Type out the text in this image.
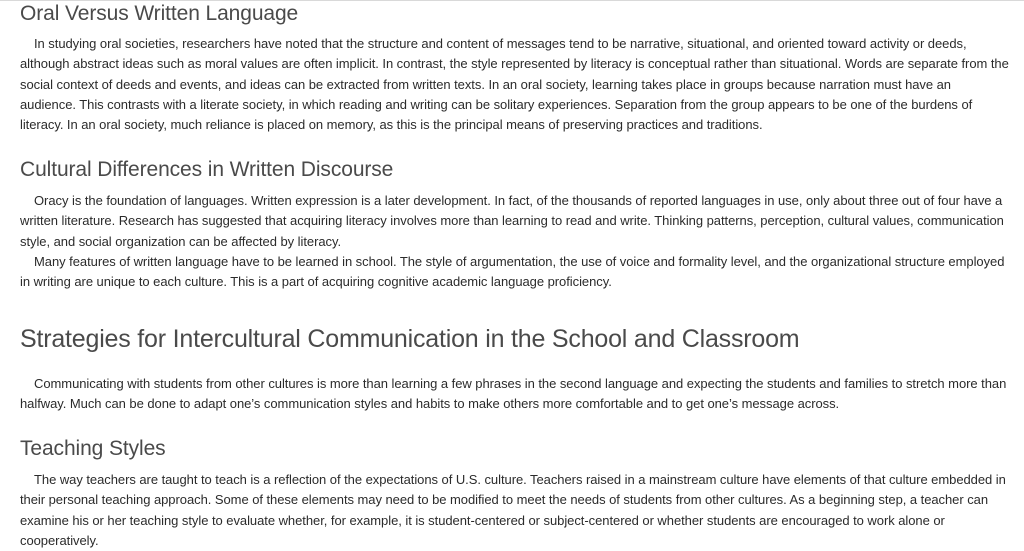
Oral Versus Written Language

In studying oral societies, researchers have noted that the structure and content of messages tend to be narrative, situational, and oriented toward activity or deeds, although abstract ideas such as moral values are often implicit. In contrast, the style represented by literacy is conceptual rather than situational. Words are separate from the social context of deeds and events, and ideas can be extracted from written texts. In an oral society, learning takes place in groups because narration must have an audience. This contrasts with a literate society, in which reading and writing can be solitary experiences. Separation from the group appears to be one of the burdens of literacy. In an oral society, much reliance is placed on memory, as this is the principal means of preserving practices and traditions.

Cultural Differences in Written Discourse

Oracy is the foundation of languages. Written expression is a later development. In fact, of the thousands of reported languages in use, only about three out of four have a written literature. Research has suggested that acquiring literacy involves more than learning to read and write. Thinking patterns, perception, cultural values, communication style, and social organization can be affected by literacy.

Many features of written language have to be learned in school. The style of argumentation, the use of voice and formality level, and the organizational structure employed in writing are unique to each culture. This is a part of acquiring cognitive academic language proficiency.

Strategies for Intercultural Communication in the School and Classroom

Communicating with students from other cultures is more than learning a few phrases in the second language and expecting the students and families to stretch more than halfway. Much can be done to adapt one’s communication styles and habits to make others more comfortable and to get one’s message across.

Teaching Styles

The way teachers are taught to teach is a reflection of the expectations of U.S. culture. Teachers raised in a mainstream culture have elements of that culture embedded in their personal teaching approach. Some of these elements may need to be modified to meet the needs of students from other cultures. As a beginning step, a teacher can examine his or her teaching style to evaluate whether, for example, it is student-centered or subject-centered or whether students are encouraged to work alone or cooperatively.
